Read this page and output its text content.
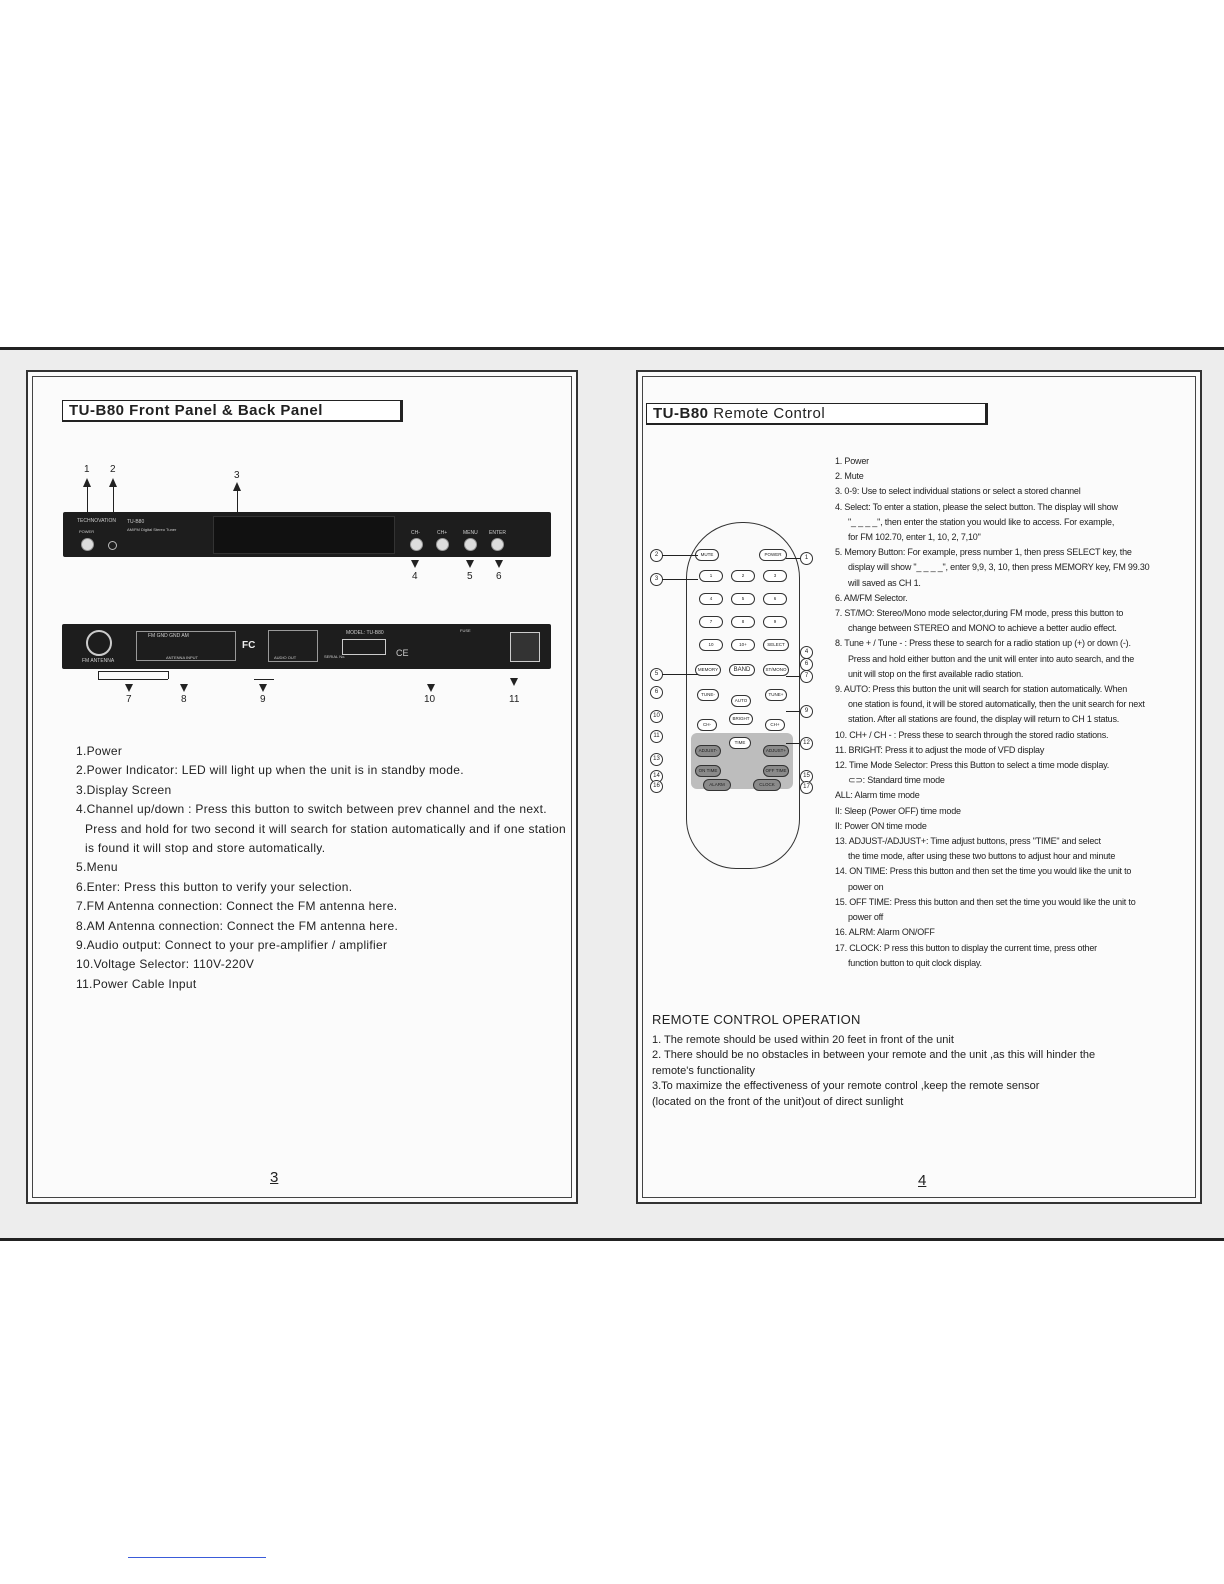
TU-B80 Front Panel & Back Panel
1 2
3
TECHNOVATION TU-B80
AM/FM Digital Stereo Tuner
POWER	CH-	CH+	MENU ENTER
4	5 6
FM ANTENNA
FM GND GND AM
ANTENNA INPUT
FC
AUDIO OUT
MODEL: TU-B80
SERIAL No.	CE
FUSE
7	8	9	10	11
1.Power
2.Power Indicator: LED will light up when the unit is in standby mode.
3.Display Screen
4.Channel up/down : Press this button to switch between prev channel and the next.
Press and hold for two second it will search for station automatically and if one station
is found it will stop and store automatically.
5.Menu
6.Enter: Press this button to verify your selection.
7.FM Antenna connection: Connect the FM antenna here.
8.AM Antenna connection: Connect the FM antenna here.
9.Audio output: Connect to your pre-amplifier / amplifier
10.Voltage Selector: 110V-220V
11.Power Cable Input
3
TU-B80 Remote Control
MUTE	POWER
1	2	3
4	5	6
7	8	9
10	10+	SELECT
MEMORY	BAND	ST/MONO
TUNE-
AUTO
TUNE+
CH-
BRIGHT
CH+
TIME
ADJUST-	ADJUST+
ON TIME	OFF TIME
ALARM	CLOCK
2
3
5
6
10
11
13
14
16
1
4
6
7
9
12
15
17
1. Power
2. Mute
3. 0-9: Use to select individual stations or select a stored channel
4. Select: To enter a station, please the select button. The display will show
"_ _ _ _", then enter the station you would like to access. For example,
for FM 102.70, enter 1, 10, 2, 7,10"
5. Memory Button: For example, press number 1, then press SELECT key, the
display will show "_ _ _ _", enter 9,9, 3, 10, then press MEMORY key, FM 99.30
will saved as CH 1.
6. AM/FM Selector.
7. ST/MO: Stereo/Mono mode selector,during FM mode, press this button to
change between STEREO and MONO to achieve a better audio effect.
8. Tune + / Tune - : Press these to search for a radio station up (+) or down (-).
Press and hold either button and the unit will enter into auto search, and the
unit will stop on the first available radio station.
9. AUTO: Press this button the unit will search for station automatically. When
one station is found, it will be stored automatically, then the unit search for next
station. After all stations are found, the display will return to CH 1 status.
10. CH+ / CH - : Press these to search through the stored radio stations.
11. BRIGHT: Press it to adjust the mode of VFD display
12. Time Mode Selector: Press this Button to select a time mode display.
⊂⊃: Standard time mode
ALL: Alarm time mode
II: Sleep (Power OFF) time mode
II: Power ON time mode
13. ADJUST-/ADJUST+: Time adjust buttons, press "TIME" and select
the time mode, after using these two buttons to adjust hour and minute
14. ON TIME: Press this button and then set the time you would like the unit to
power on
15. OFF TIME: Press this button and then set the time you would like the unit to
power off
16. ALRM: Alarm ON/OFF
17. CLOCK: P ress this button to display the current time, press other
function button to quit clock display.
REMOTE CONTROL OPERATION
1. The remote should be used within 20 feet in front of the unit
2. There should be no obstacles in between your remote and the unit ,as this will hinder the
remote's functionality
3.To maximize the effectiveness of your remote control ,keep the remote sensor
(located on the front of the unit)out of direct sunlight
4
